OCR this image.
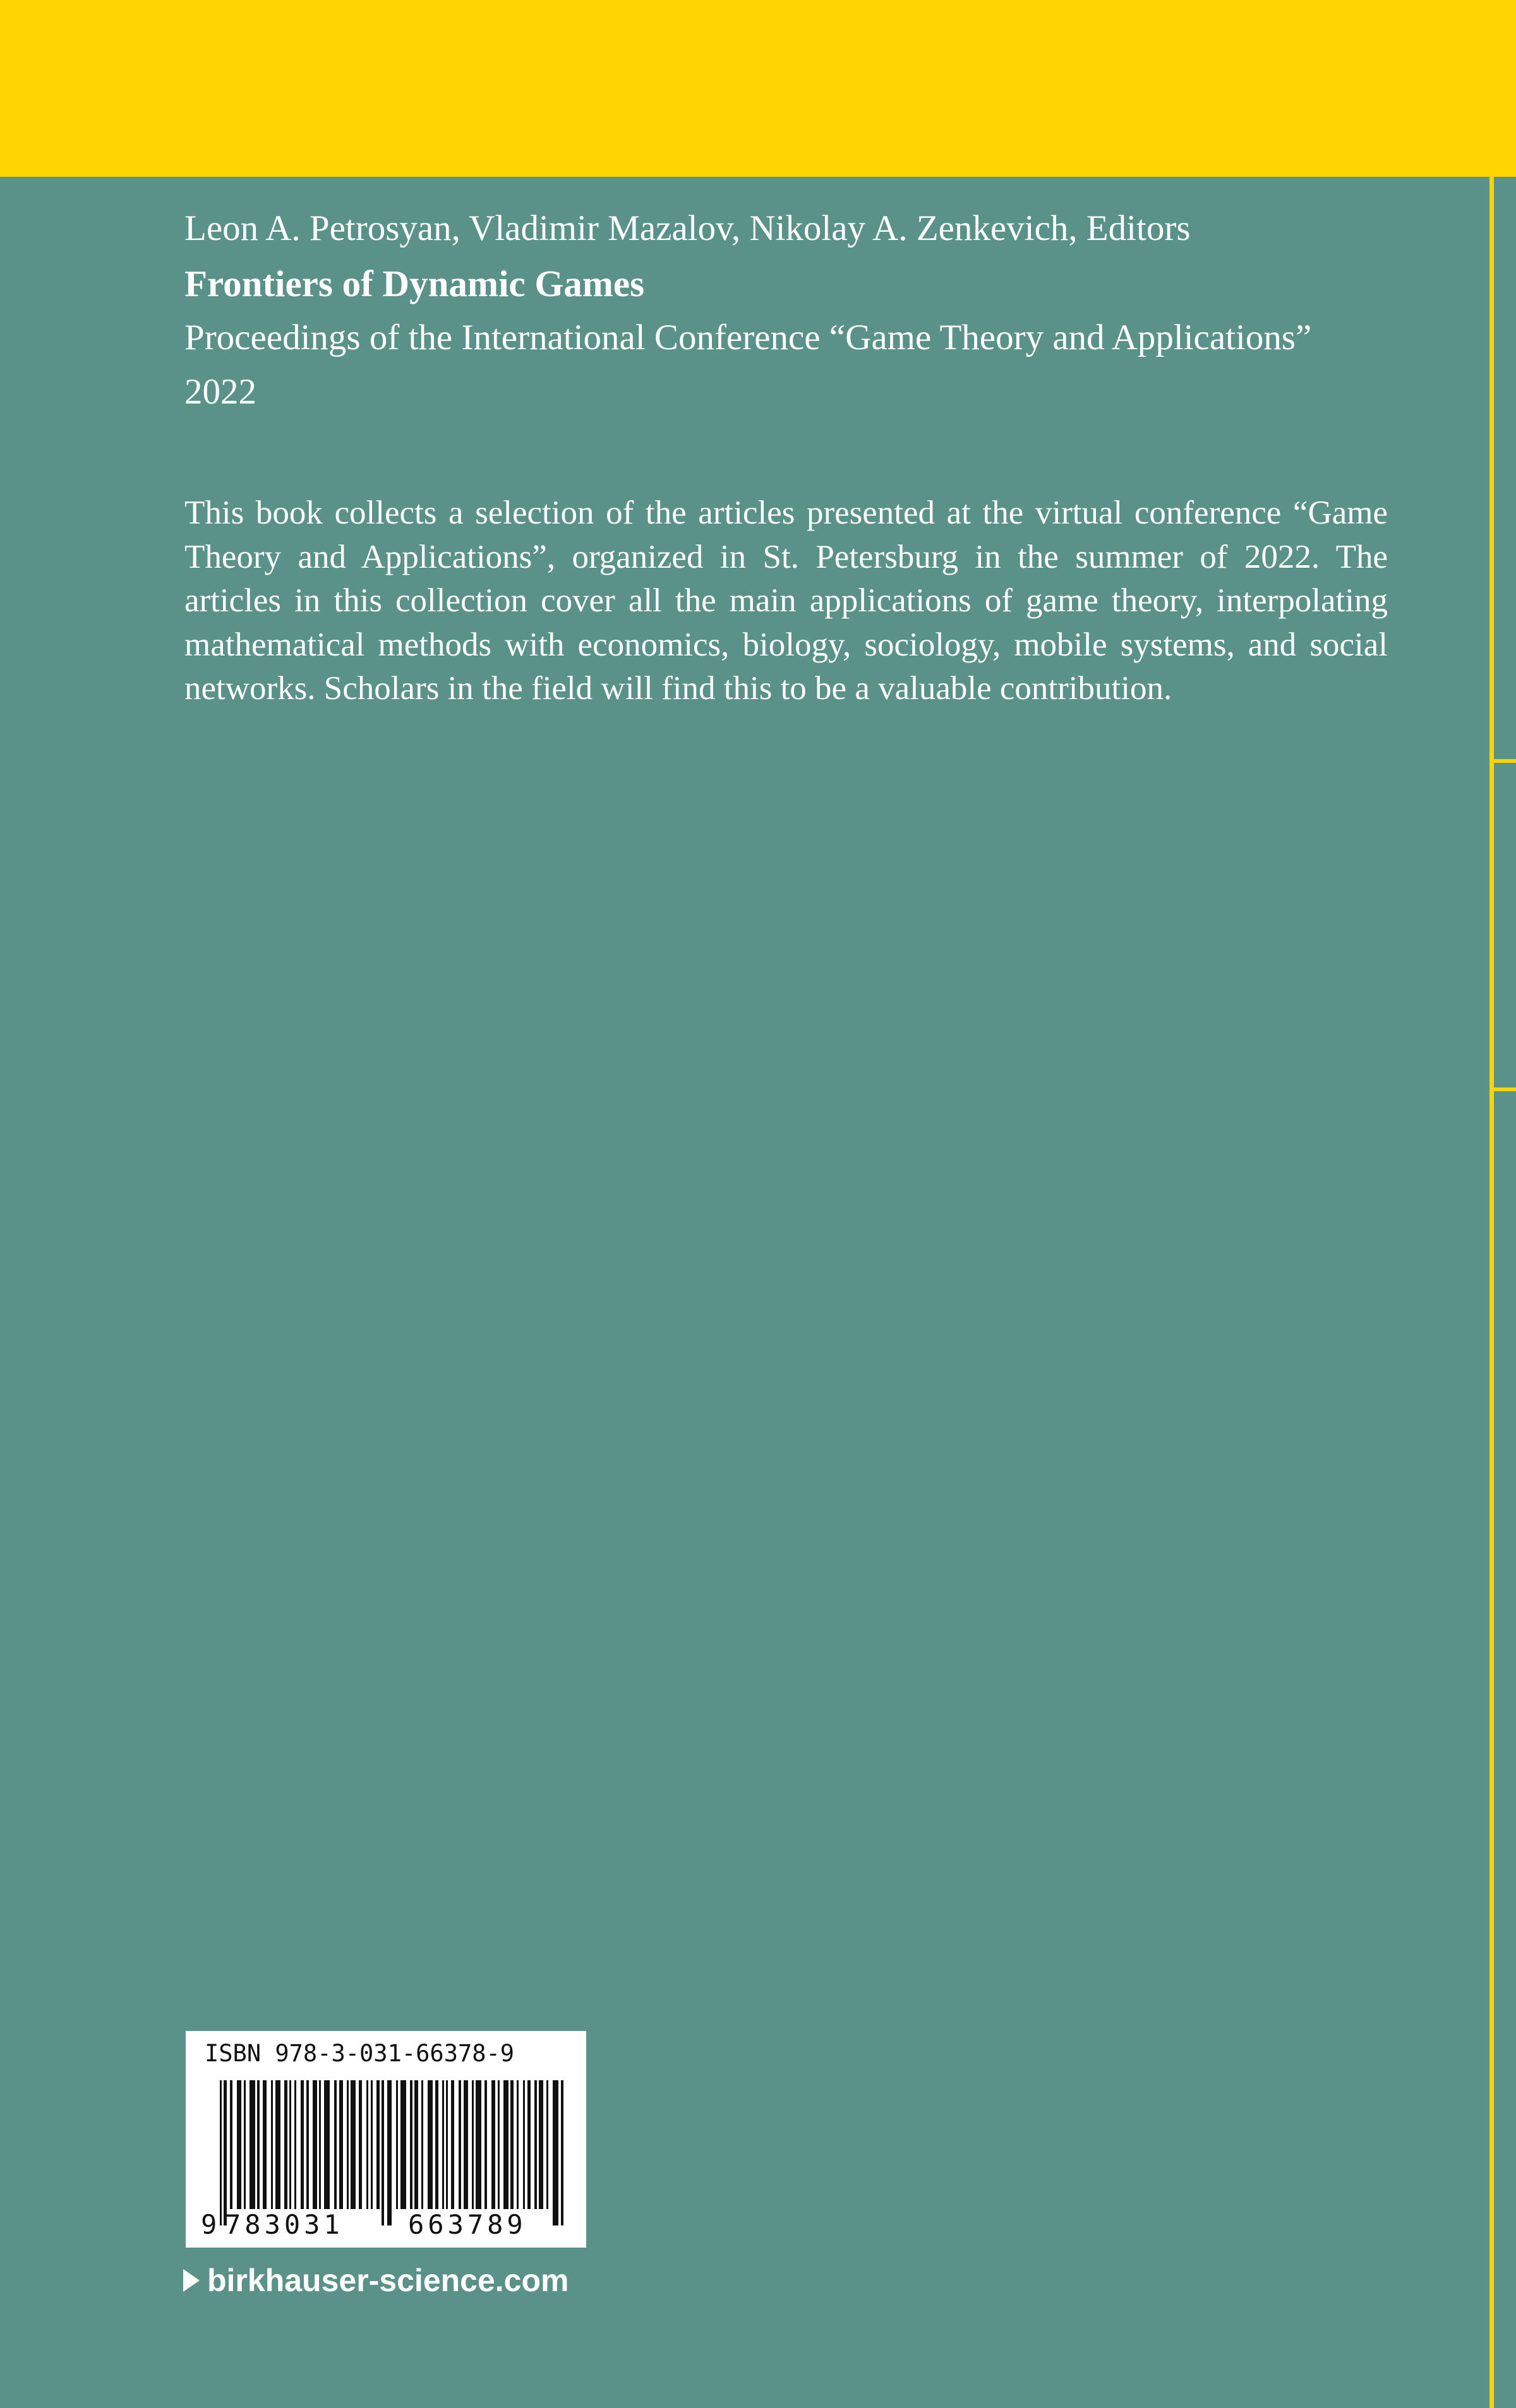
Leon A. Petrosyan, Vladimir Mazalov, Nikolay A. Zenkevich, Editors
Frontiers of Dynamic Games
Proceedings of the International Conference “Game Theory and Applications” 2022
This book collects a selection of the articles presented at the virtual conference “Game Theory and Applications”, organized in St. Petersburg in the summer of 2022. The articles in this collection cover all the main applications of game theory, interpolating mathematical methods with economics, biology, sociology, mobile systems, and social networks. Scholars in the field will find this to be a valuable contribution.
ISBN 978-3-031-66378-9
9 783031 663789
birkhauser-science.com
